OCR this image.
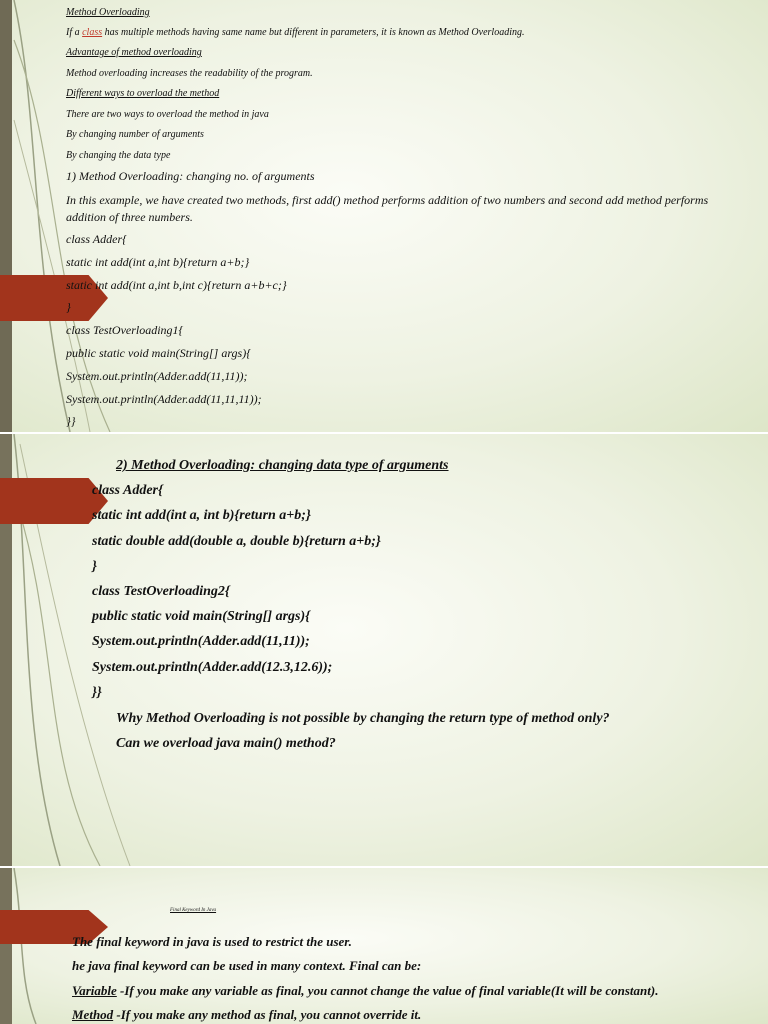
Method Overloading
If a class has multiple methods having same name but different in parameters, it is known as Method Overloading.
Advantage of method overloading
Method overloading increases the readability of the program.
Different ways to overload the method
There are two ways to overload the method in java
By changing number of arguments
By changing the data type
1) Method Overloading: changing no. of arguments
In this example, we have created two methods, first add() method performs addition of two numbers and second add method performs
addition of three numbers.
class Adder{
static int add(int a,int b){return a+b;}
static int add(int a,int b,int c){return a+b+c;}
}
class TestOverloading1{
public static void main(String[] args){
System.out.println(Adder.add(11,11));
System.out.println(Adder.add(11,11,11));
}}
2) Method Overloading: changing data type of arguments
class Adder{
static int add(int a, int b){return a+b;}
static double add(double a, double b){return a+b;}
}
class TestOverloading2{
public static void main(String[] args){
System.out.println(Adder.add(11,11));
System.out.println(Adder.add(12.3,12.6));
}}
Why Method Overloading is not possible by changing the return type of method only?
Can we overload java main() method?
Final Keyword In Java
The final keyword in java is used to restrict the user.
he java final keyword can be used in many context. Final can be:
Variable -If you make any variable as final, you cannot change the value of final variable(It will be constant).
Method -If you make any method as final, you cannot override it.
